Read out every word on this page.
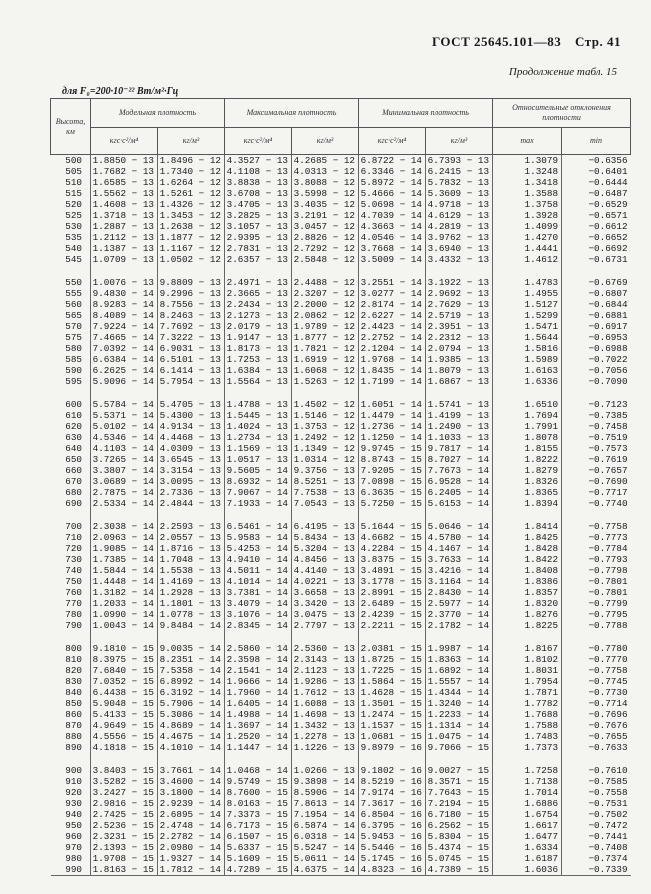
ГОСТ 25645.101—83 Стр. 41
Продолжение табл. 15
для F₀=200·10⁻²² Вт/м²·Гц
Высота, км	Модельная плотность		Максимальная плотность		Минимальная плотность		Относительные отклонения плотности	
	кгс·с²/м⁴	кг/м³	кгс·с²/м⁴	кг/м³	кгс·с²/м⁴	кг/м³	max	min
500	1.8850 − 13	1.8496 − 12	4.3527 − 13	4.2685 − 12	6.8722 − 14	6.7393 − 13	1.3079	−0.6356
505	1.7682 − 13	1.7340 − 12	4.1108 − 13	4.0313 − 12	6.3346 − 14	6.2415 − 13	1.3248	−0.6401
510	1.6585 − 13	1.6264 − 12	3.8838 − 13	3.8088 − 12	5.8972 − 14	5.7832 − 13	1.3418	−0.6444
515	1.5562 − 13	1.5261 − 12	3.6708 − 13	3.5998 − 12	5.4666 − 14	5.3609 − 13	1.3588	−0.6487
520	1.4608 − 13	1.4326 − 12	3.4705 − 13	3.4035 − 12	5.0698 − 14	4.9718 − 13	1.3758	−0.6529
525	1.3718 − 13	1.3453 − 12	3.2825 − 13	3.2191 − 12	4.7039 − 14	4.6129 − 13	1.3928	−0.6571
530	1.2887 − 13	1.2638 − 12	3.1057 − 13	3.0457 − 12	4.3663 − 14	4.2819 − 13	1.4099	−0.6612
535	1.2112 − 13	1.1877 − 12	2.9395 − 13	2.8826 − 12	4.0546 − 14	3.9762 − 13	1.4270	−0.6652
540	1.1387 − 13	1.1167 − 12	2.7831 − 13	2.7292 − 12	3.7668 − 14	3.6940 − 13	1.4441	−0.6692
545	1.0709 − 13	1.0502 − 12	2.6357 − 13	2.5848 − 12	3.5009 − 14	3.4332 − 13	1.4612	−0.6731

550	1.0076 − 13	9.8809 − 13	2.4971 − 13	2.4488 − 12	3.2551 − 14	3.1922 − 13	1.4783	−0.6769
555	9.4830 − 14	9.2996 − 13	2.3665 − 13	2.3207 − 12	3.0277 − 14	2.9692 − 13	1.4955	−0.6807
560	8.9283 − 14	8.7556 − 13	2.2434 − 13	2.2000 − 12	2.8174 − 14	2.7629 − 13	1.5127	−0.6844
565	8.4089 − 14	8.2463 − 13	2.1273 − 13	2.0862 − 12	2.6227 − 14	2.5719 − 13	1.5299	−0.6881
570	7.9224 − 14	7.7692 − 13	2.0179 − 13	1.9789 − 12	2.4423 − 14	2.3951 − 13	1.5471	−0.6917
575	7.4665 − 14	7.3222 − 13	1.9147 − 13	1.8777 − 12	2.2752 − 14	2.2312 − 13	1.5644	−0.6953
580	7.0392 − 14	6.9031 − 13	1.8173 − 13	1.7821 − 12	2.1204 − 14	2.0794 − 13	1.5816	−0.6988
585	6.6384 − 14	6.5101 − 13	1.7253 − 13	1.6919 − 12	1.9768 − 14	1.9385 − 13	1.5989	−0.7022
590	6.2625 − 14	6.1414 − 13	1.6384 − 13	1.6068 − 12	1.8435 − 14	1.8079 − 13	1.6163	−0.7056
595	5.9096 − 14	5.7954 − 13	1.5564 − 13	1.5263 − 12	1.7199 − 14	1.6867 − 13	1.6336	−0.7090

600	5.5784 − 14	5.4705 − 13	1.4788 − 13	1.4502 − 12	1.6051 − 14	1.5741 − 13	1.6510	−0.7123
610	5.5371 − 14	5.4300 − 13	1.5445 − 13	1.5146 − 12	1.4479 − 14	1.4199 − 13	1.7694	−0.7385
620	5.0102 − 14	4.9134 − 13	1.4024 − 13	1.3753 − 12	1.2736 − 14	1.2490 − 13	1.7991	−0.7458
630	4.5346 − 14	4.4468 − 13	1.2734 − 13	1.2492 − 12	1.1250 − 14	1.1033 − 13	1.8078	−0.7519
640	4.1103 − 14	4.0309 − 13	1.1569 − 13	1.1349 − 12	9.9745 − 15	9.7817 − 14	1.8155	−0.7573
650	3.7265 − 14	3.6545 − 13	1.0517 − 13	1.0314 − 12	8.8743 − 15	8.7027 − 14	1.8222	−0.7619
660	3.3807 − 14	3.3154 − 13	9.5605 − 14	9.3756 − 13	7.9205 − 15	7.7673 − 14	1.8279	−0.7657
670	3.0689 − 14	3.0095 − 13	8.6932 − 14	8.5251 − 13	7.0898 − 15	6.9528 − 14	1.8326	−0.7690
680	2.7875 − 14	2.7336 − 13	7.9067 − 14	7.7538 − 13	6.3635 − 15	6.2405 − 14	1.8365	−0.7717
690	2.5334 − 14	2.4844 − 13	7.1933 − 14	7.0543 − 13	5.7250 − 15	5.6153 − 14	1.8394	−0.7740

700	2.3038 − 14	2.2593 − 13	6.5461 − 14	6.4195 − 13	5.1644 − 15	5.0646 − 14	1.8414	−0.7758
710	2.0963 − 14	2.0557 − 13	5.9583 − 14	5.8434 − 13	4.6682 − 15	4.5780 − 14	1.8425	−0.7773
720	1.9085 − 14	1.8716 − 13	5.4253 − 14	5.3204 − 13	4.2284 − 15	4.1467 − 14	1.8428	−0.7784
730	1.7385 − 14	1.7048 − 13	4.9410 − 14	4.8456 − 13	3.8375 − 15	3.7633 − 14	1.8422	−0.7793
740	1.5844 − 14	1.5538 − 13	4.5011 − 14	4.4140 − 13	3.4891 − 15	3.4216 − 14	1.8408	−0.7798
750	1.4448 − 14	1.4169 − 13	4.1014 − 14	4.0221 − 13	3.1778 − 15	3.1164 − 14	1.8386	−0.7801
760	1.3182 − 14	1.2928 − 13	3.7381 − 14	3.6658 − 13	2.8991 − 15	2.8430 − 14	1.8357	−0.7801
770	1.2033 − 14	1.1801 − 13	3.4079 − 14	3.3420 − 13	2.6489 − 15	2.5977 − 14	1.8320	−0.7799
780	1.0990 − 14	1.0778 − 13	3.1076 − 14	3.0475 − 13	2.4239 − 15	2.3770 − 14	1.8276	−0.7795
790	1.0043 − 14	9.8484 − 14	2.8345 − 14	2.7797 − 13	2.2211 − 15	2.1782 − 14	1.8225	−0.7788

800	9.1810 − 15	9.0035 − 14	2.5860 − 14	2.5360 − 13	2.0381 − 15	1.9987 − 14	1.8167	−0.7780
810	8.3975 − 15	8.2351 − 14	2.3598 − 14	2.3143 − 13	1.8725 − 15	1.8363 − 14	1.8102	−0.7770
820	7.6840 − 15	7.5358 − 14	2.1541 − 14	2.1123 − 13	1.7225 − 15	1.6892 − 14	1.8031	−0.7758
830	7.0352 − 15	6.8992 − 14	1.9666 − 14	1.9286 − 13	1.5864 − 15	1.5557 − 14	1.7954	−0.7745
840	6.4438 − 15	6.3192 − 14	1.7960 − 14	1.7612 − 13	1.4628 − 15	1.4344 − 14	1.7871	−0.7730
850	5.9048 − 15	5.7906 − 14	1.6405 − 14	1.6088 − 13	1.3501 − 15	1.3240 − 14	1.7782	−0.7714
860	5.4133 − 15	5.3086 − 14	1.4988 − 14	1.4698 − 13	1.2474 − 15	1.2233 − 14	1.7688	−0.7696
870	4.9649 − 15	4.8689 − 14	1.3697 − 14	1.3432 − 13	1.1537 − 15	1.1314 − 14	1.7588	−0.7676
880	4.5556 − 15	4.4675 − 14	1.2520 − 14	1.2278 − 13	1.0681 − 15	1.0475 − 14	1.7483	−0.7655
890	4.1818 − 15	4.1010 − 14	1.1447 − 14	1.1226 − 13	9.8979 − 16	9.7066 − 15	1.7373	−0.7633

900	3.8403 − 15	3.7661 − 14	1.0468 − 14	1.0266 − 13	9.1802 − 16	9.0027 − 15	1.7258	−0.7610
910	3.5282 − 15	3.4600 − 14	9.5749 − 15	9.3898 − 14	8.5219 − 16	8.3571 − 15	1.7138	−0.7585
920	3.2427 − 15	3.1800 − 14	8.7600 − 15	8.5906 − 14	7.9174 − 16	7.7643 − 15	1.7014	−0.7558
930	2.9816 − 15	2.9239 − 14	8.0163 − 15	7.8613 − 14	7.3617 − 16	7.2194 − 15	1.6886	−0.7531
940	2.7425 − 15	2.6895 − 14	7.3373 − 15	7.1954 − 14	6.8504 − 16	6.7180 − 15	1.6754	−0.7502
950	2.5236 − 15	2.4748 − 14	6.7173 − 15	6.5874 − 14	6.3795 − 16	6.2562 − 15	1.6617	−0.7472
960	2.3231 − 15	2.2782 − 14	6.1507 − 15	6.0318 − 14	5.9453 − 16	5.8304 − 15	1.6477	−0.7441
970	2.1393 − 15	2.0980 − 14	5.6337 − 15	5.5247 − 14	5.5446 − 16	5.4374 − 15	1.6334	−0.7408
980	1.9708 − 15	1.9327 − 14	5.1609 − 15	5.0611 − 14	5.1745 − 16	5.0745 − 15	1.6187	−0.7374
990	1.8163 − 15	1.7812 − 14	4.7289 − 15	4.6375 − 14	4.8323 − 16	4.7389 − 15	1.6036	−0.7339
